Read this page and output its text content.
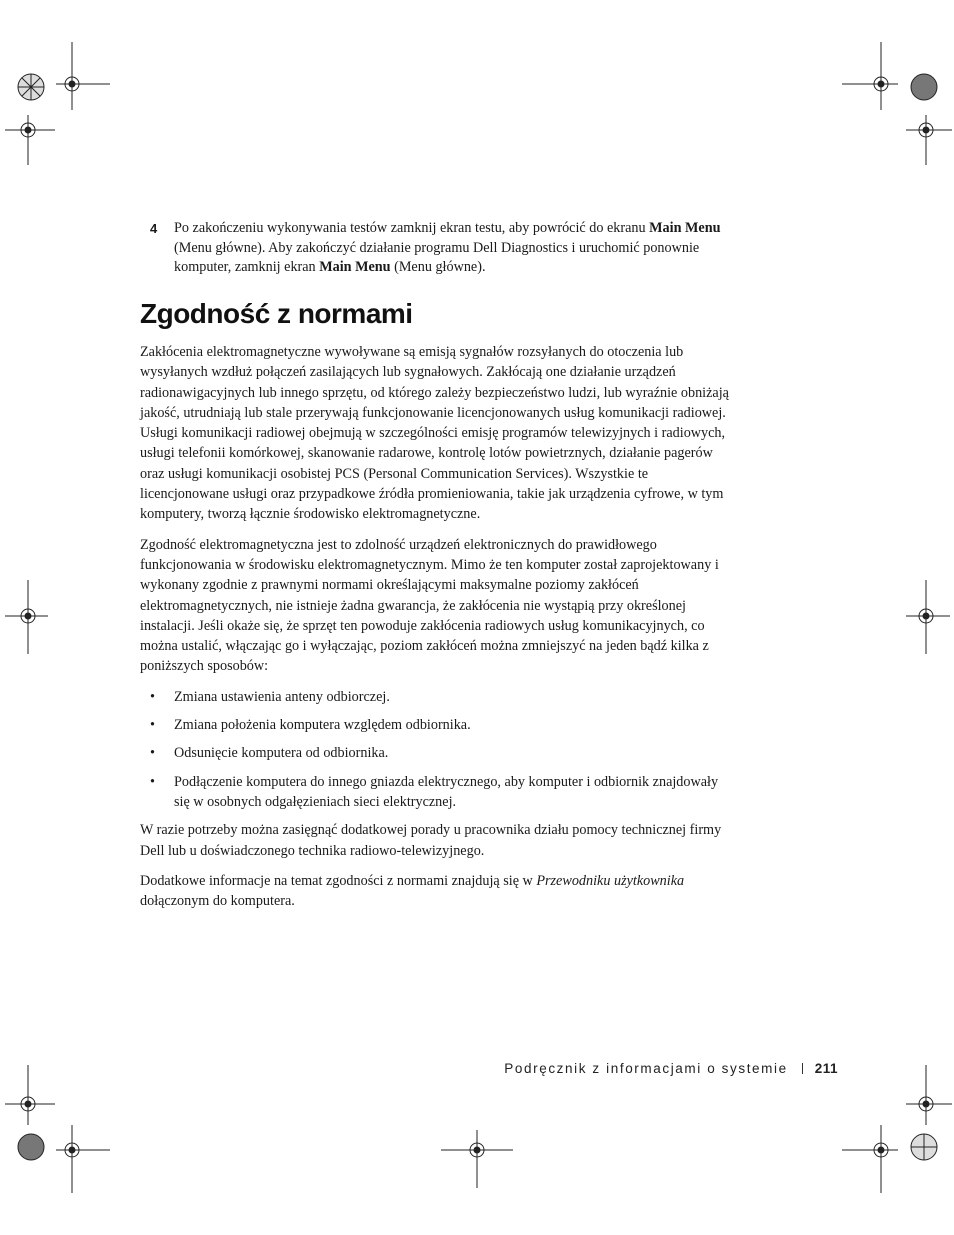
4 Po zakończeniu wykonywania testów zamknij ekran testu, aby powrócić do ekranu Main Menu (Menu główne). Aby zakończyć działanie programu Dell Diagnostics i uruchomić ponownie komputer, zamknij ekran Main Menu (Menu główne).
Zgodność z normami

Zakłócenia elektromagnetyczne wywoływane są emisją sygnałów rozsyłanych do otoczenia lub wysyłanych wzdłuż połączeń zasilających lub sygnałowych. Zakłócają one działanie urządzeń radionawigacyjnych lub innego sprzętu, od którego zależy bezpieczeństwo ludzi, lub wyraźnie obniżają jakość, utrudniają lub stale przerywają funkcjonowanie licencjonowanych usług komunikacji radiowej. Usługi komunikacji radiowej obejmują w szczególności emisję programów telewizyjnych i radiowych, usługi telefonii komórkowej, skanowanie radarowe, kontrolę lotów powietrznych, działanie pagerów oraz usługi komunikacji osobistej PCS (Personal Communication Services). Wszystkie te licencjonowane usługi oraz przypadkowe źródła promieniowania, takie jak urządzenia cyfrowe, w tym komputery, tworzą łącznie środowisko elektromagnetyczne.

Zgodność elektromagnetyczna jest to zdolność urządzeń elektronicznych do prawidłowego funkcjonowania w środowisku elektromagnetycznym. Mimo że ten komputer został zaprojektowany i wykonany zgodnie z prawnymi normami określającymi maksymalne poziomy zakłóceń elektromagnetycznych, nie istnieje żadna gwarancja, że zakłócenia nie wystąpią przy określonej instalacji. Jeśli okaże się, że sprzęt ten powoduje zakłócenia radiowych usług komunikacyjnych, co można ustalić, włączając go i wyłączając, poziom zakłóceń można zmniejszyć na jeden bądź kilka z poniższych sposobów:

• Zmiana ustawienia anteny odbiorczej.
• Zmiana położenia komputera względem odbiornika.
• Odsunięcie komputera od odbiornika.
• Podłączenie komputera do innego gniazda elektrycznego, aby komputer i odbiornik znajdowały się w osobnych odgałęzieniach sieci elektrycznej.

W razie potrzeby można zasięgnąć dodatkowej porady u pracownika działu pomocy technicznej firmy Dell lub u doświadczonego technika radiowo-telewizyjnego.

Dodatkowe informacje na temat zgodności z normami znajdują się w Przewodniku użytkownika dołączonym do komputera.

Podręcznik z informacjami o systemie 211
